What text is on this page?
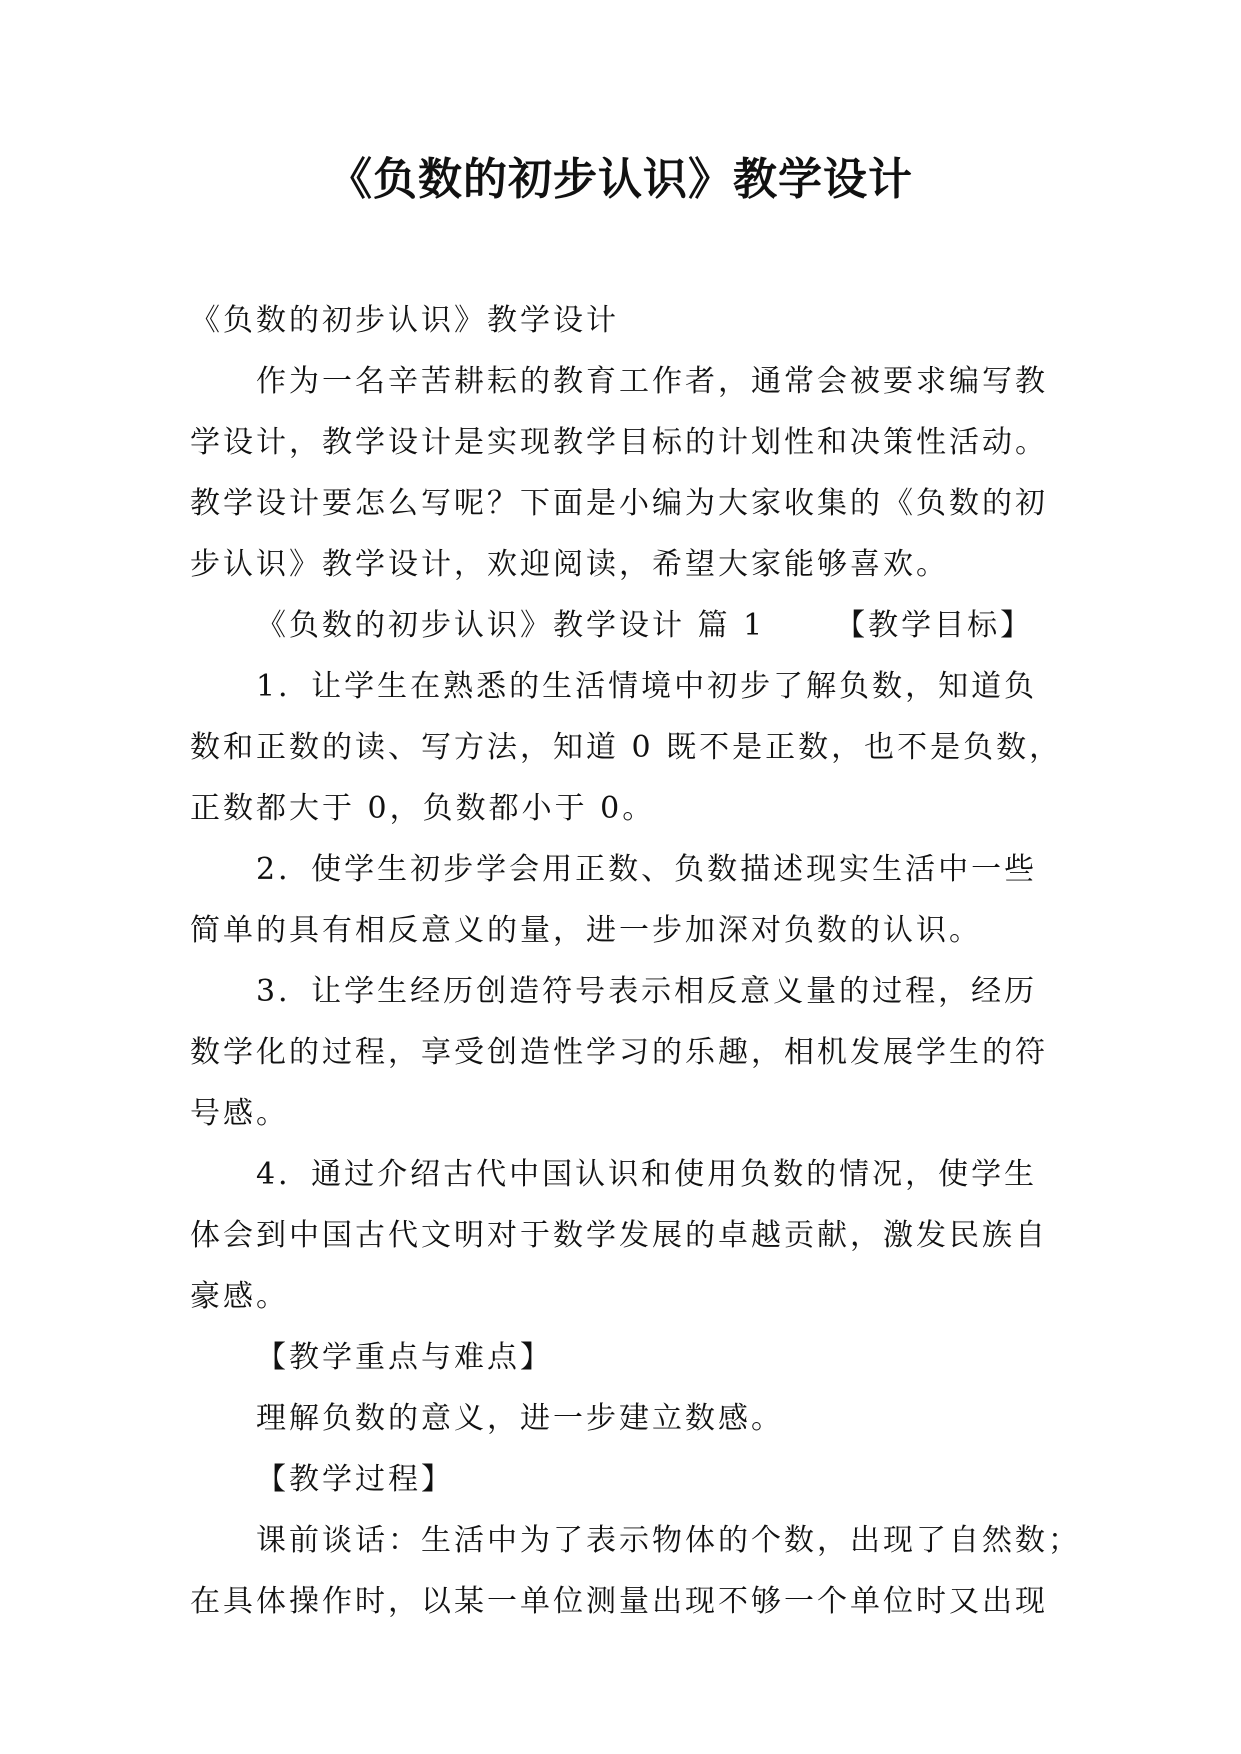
《负数的初步认识》教学设计
《负数的初步认识》教学设计
作为一名辛苦耕耘的教育工作者，通常会被要求编写教
学设计，教学设计是实现教学目标的计划性和决策性活动。
教学设计要怎么写呢？下面是小编为大家收集的《负数的初
步认识》教学设计，欢迎阅读，希望大家能够喜欢。
《负数的初步认识》教学设计 篇 1 【教学目标】
1．让学生在熟悉的生活情境中初步了解负数，知道负
数和正数的读、写方法，知道 0 既不是正数，也不是负数，
正数都大于 0，负数都小于 0。
2．使学生初步学会用正数、负数描述现实生活中一些
简单的具有相反意义的量，进一步加深对负数的认识。
3．让学生经历创造符号表示相反意义量的过程，经历
数学化的过程，享受创造性学习的乐趣，相机发展学生的符
号感。
4．通过介绍古代中国认识和使用负数的情况，使学生
体会到中国古代文明对于数学发展的卓越贡献，激发民族自
豪感。
【教学重点与难点】
理解负数的意义，进一步建立数感。
【教学过程】
课前谈话：生活中为了表示物体的个数，出现了自然数；
在具体操作时，以某一单位测量出现不够一个单位时又出现
